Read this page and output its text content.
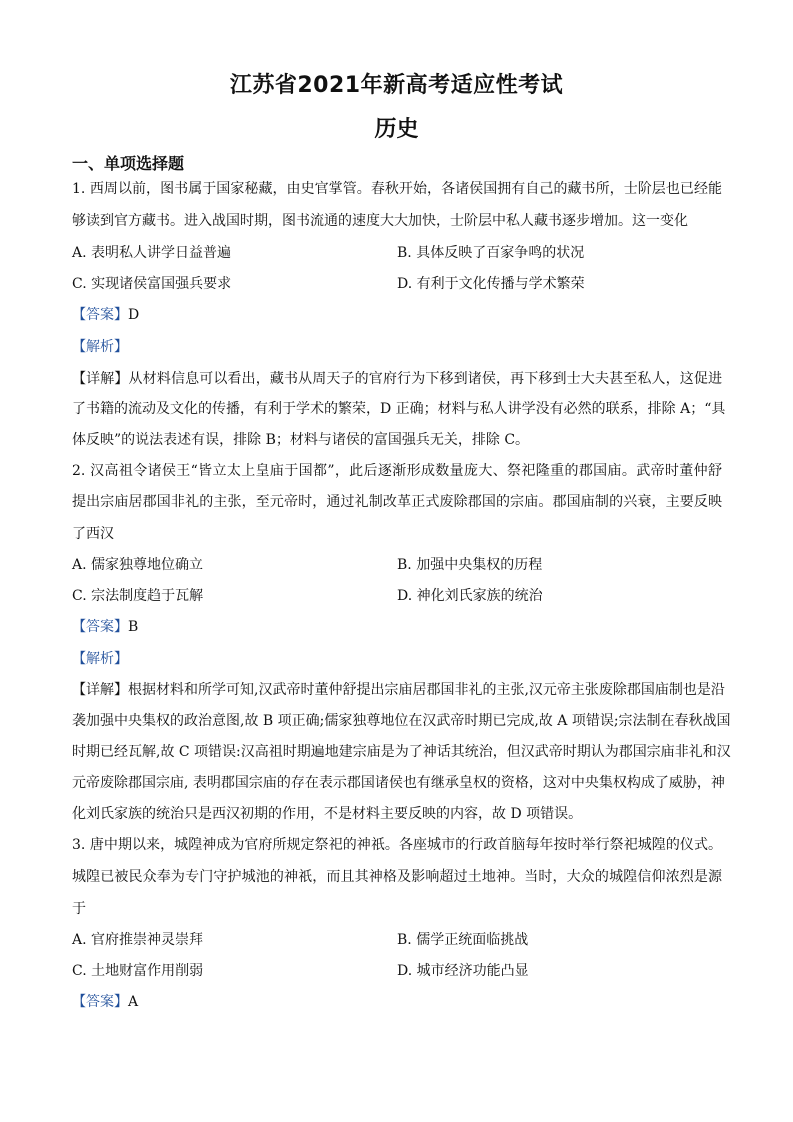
江苏省2021年新高考适应性考试
历史
一、单项选择题
1. 西周以前，图书属于国家秘藏，由史官掌管。春秋开始，各诸侯国拥有自己的藏书所，士阶层也已经能
够读到官方藏书。进入战国时期，图书流通的速度大大加快，士阶层中私人藏书逐步增加。这一变化
A. 表明私人讲学日益普遍	B. 具体反映了百家争鸣的状况
C. 实现诸侯富国强兵要求	D. 有利于文化传播与学术繁荣
【答案】D
【解析】
【详解】从材料信息可以看出，藏书从周天子的官府行为下移到诸侯，再下移到士大夫甚至私人，这促进
了书籍的流动及文化的传播，有利于学术的繁荣，D 正确；材料与私人讲学没有必然的联系，排除 A；“具
体反映”的说法表述有误，排除 B；材料与诸侯的富国强兵无关，排除 C。
2. 汉高祖令诸侯王“皆立太上皇庙于国都”，此后逐渐形成数量庞大、祭祀隆重的郡国庙。武帝时董仲舒
提出宗庙居郡国非礼的主张，至元帝时，通过礼制改革正式废除郡国的宗庙。郡国庙制的兴衰，主要反映
了西汉
A. 儒家独尊地位确立	B. 加强中央集权的历程
C. 宗法制度趋于瓦解	D. 神化刘氏家族的统治
【答案】B
【解析】
【详解】根据材料和所学可知,汉武帝时董仲舒提出宗庙居郡国非礼的主张,汉元帝主张废除郡国庙制也是沿
袭加强中央集权的政治意图,故 B 项正确;儒家独尊地位在汉武帝时期已完成,故 A 项错误;宗法制在春秋战国
时期已经瓦解,故 C 项错误:汉高祖时期遍地建宗庙是为了神话其统治，但汉武帝时期认为郡国宗庙非礼和汉
元帝废除郡国宗庙, 表明郡国宗庙的存在表示郡国诸侯也有继承皇权的资格，这对中央集权构成了威胁，神
化刘氏家族的统治只是西汉初期的作用，不是材料主要反映的内容，故 D 项错误。
3. 唐中期以来，城隍神成为官府所规定祭祀的神祇。各座城市的行政首脑每年按时举行祭祀城隍的仪式。
城隍已被民众奉为专门守护城池的神祇，而且其神格及影响超过土地神。当时，大众的城隍信仰浓烈是源
于
A. 官府推崇神灵崇拜	B. 儒学正统面临挑战
C. 土地财富作用削弱	D. 城市经济功能凸显
【答案】A
